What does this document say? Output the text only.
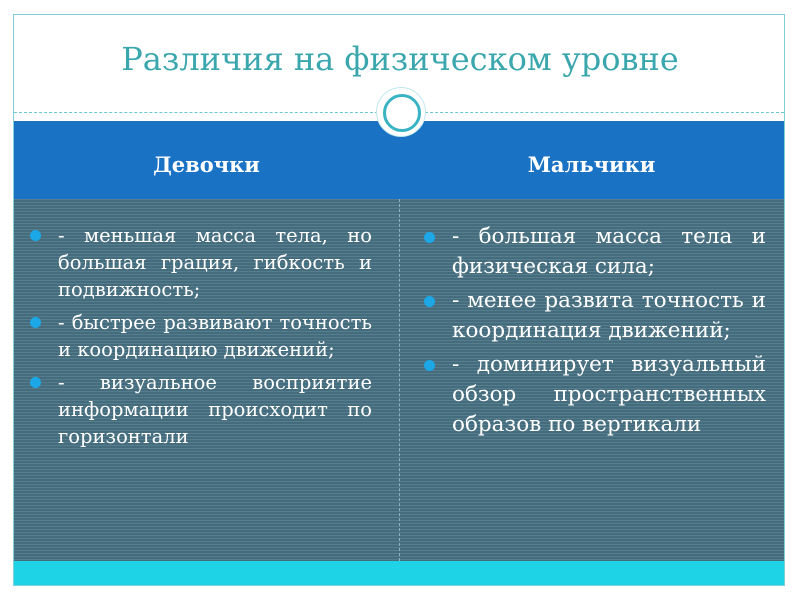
Различия на физическом уровне
Девочки	Мальчики
- меньшая масса тела, но большая грация, гибкость и подвижность;
- быстрее развивают точность и координацию движений;
- визуальное восприятие информации происходит по горизонтали
- большая масса тела и физическая сила;
- менее развита точность и координация движений;
- доминирует визуальный обзор пространственных образов по вертикали
